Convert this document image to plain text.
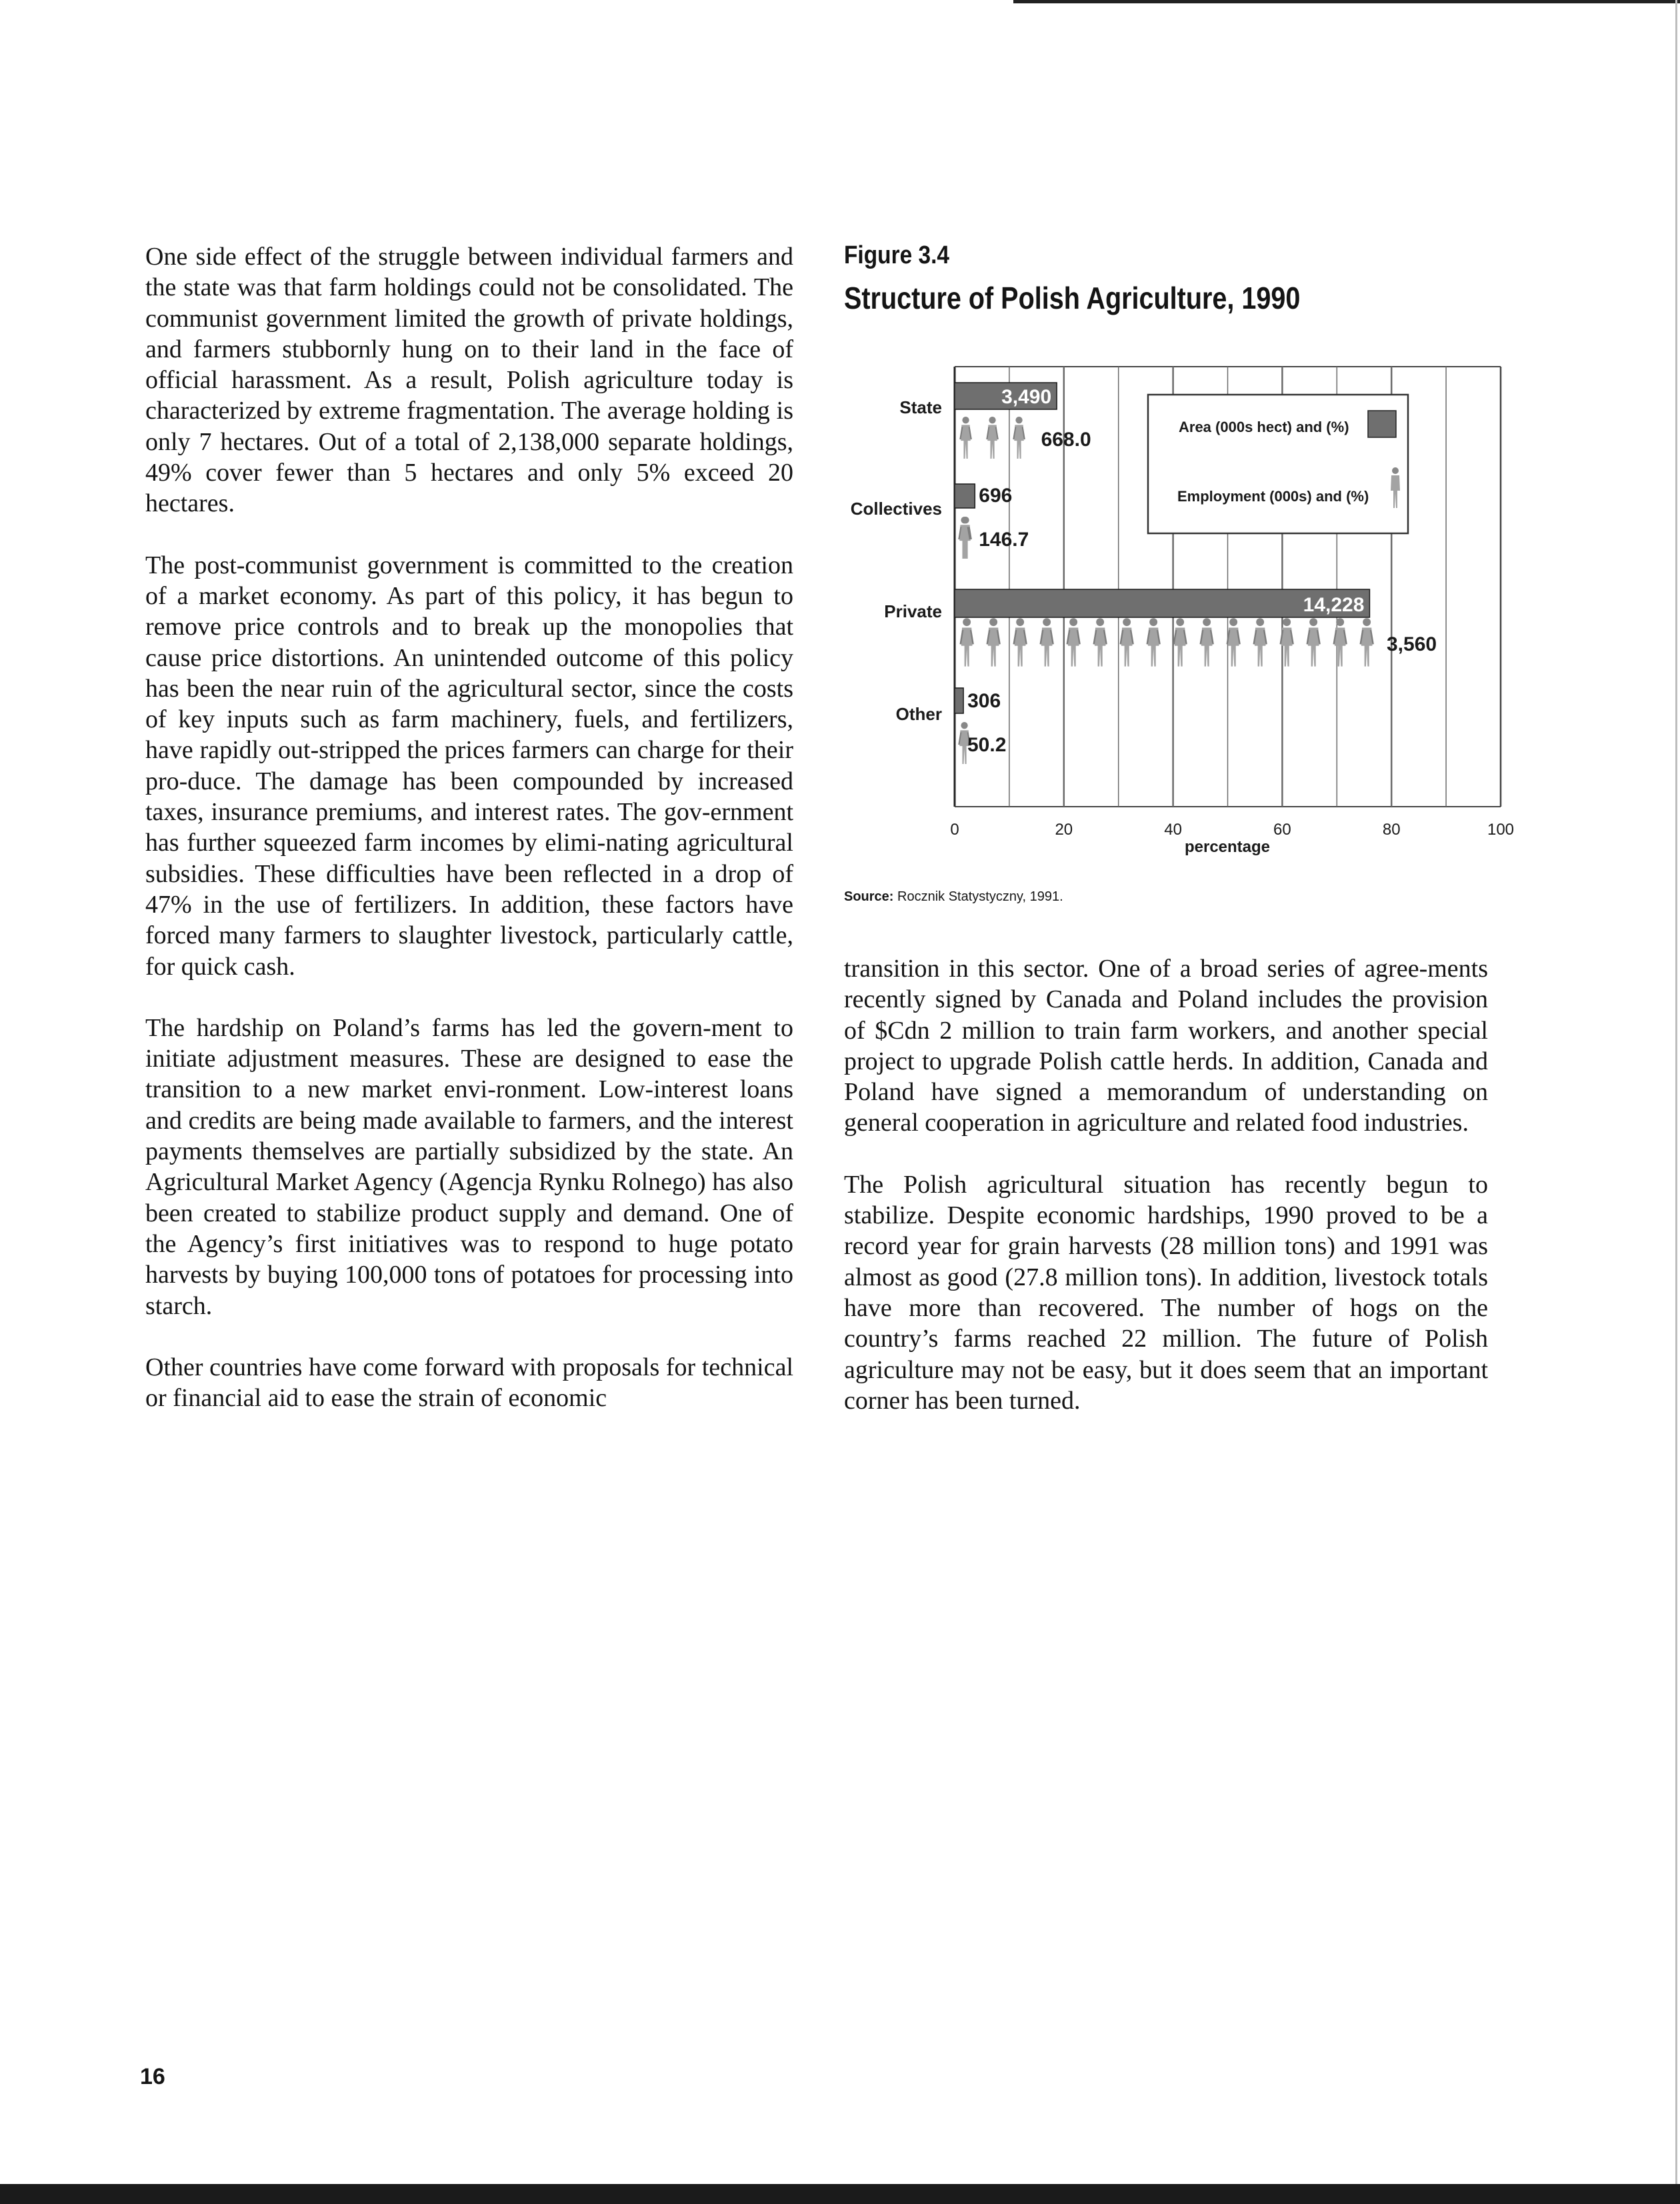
One side effect of the struggle between individual farmers and the state was that farm holdings could not be consolidated. The communist government limited the growth of private holdings, and farmers stubbornly hung on to their land in the face of official harassment. As a result, Polish agriculture today is characterized by extreme fragmentation. The average holding is only 7 hectares. Out of a total of 2,138,000 separate holdings, 49% cover fewer than 5 hectares and only 5% exceed 20 hectares.

The post-communist government is committed to the creation of a market economy. As part of this policy, it has begun to remove price controls and to break up the monopolies that cause price distortions. An unintended outcome of this policy has been the near ruin of the agricultural sector, since the costs of key inputs such as farm machinery, fuels, and fertilizers, have rapidly out-stripped the prices farmers can charge for their pro-duce. The damage has been compounded by increased taxes, insurance premiums, and interest rates. The gov-ernment has further squeezed farm incomes by elimi-nating agricultural subsidies. These difficulties have been reflected in a drop of 47% in the use of fertilizers. In addition, these factors have forced many farmers to slaughter livestock, particularly cattle, for quick cash.

The hardship on Poland’s farms has led the govern-ment to initiate adjustment measures. These are designed to ease the transition to a new market envi-ronment. Low-interest loans and credits are being made available to farmers, and the interest payments themselves are partially subsidized by the state. An Agricultural Market Agency (Agencja Rynku Rolnego) has also been created to stabilize product supply and demand. One of the Agency’s first initiatives was to respond to huge potato harvests by buying 100,000 tons of potatoes for processing into starch.

Other countries have come forward with proposals for technical or financial aid to ease the strain of economic

Figure 3.4
Structure of Polish Agriculture, 1990
3,490
668.0
696
146.7
14,228
3,560
306
50.2
Area (000s hect) and (%)
Employment (000s) and (%)
State
Collectives
Private
Other
0	20	40	60	80	100
percentage
Source: Rocznik Statystyczny, 1991.

transition in this sector. One of a broad series of agree-ments recently signed by Canada and Poland includes the provision of $Cdn 2 million to train farm workers, and another special project to upgrade Polish cattle herds. In addition, Canada and Poland have signed a memorandum of understanding on general cooperation in agriculture and related food industries.

The Polish agricultural situation has recently begun to stabilize. Despite economic hardships, 1990 proved to be a record year for grain harvests (28 million tons) and 1991 was almost as good (27.8 million tons). In addition, livestock totals have more than recovered. The number of hogs on the country’s farms reached 22 million. The future of Polish agriculture may not be easy, but it does seem that an important corner has been turned.

16
